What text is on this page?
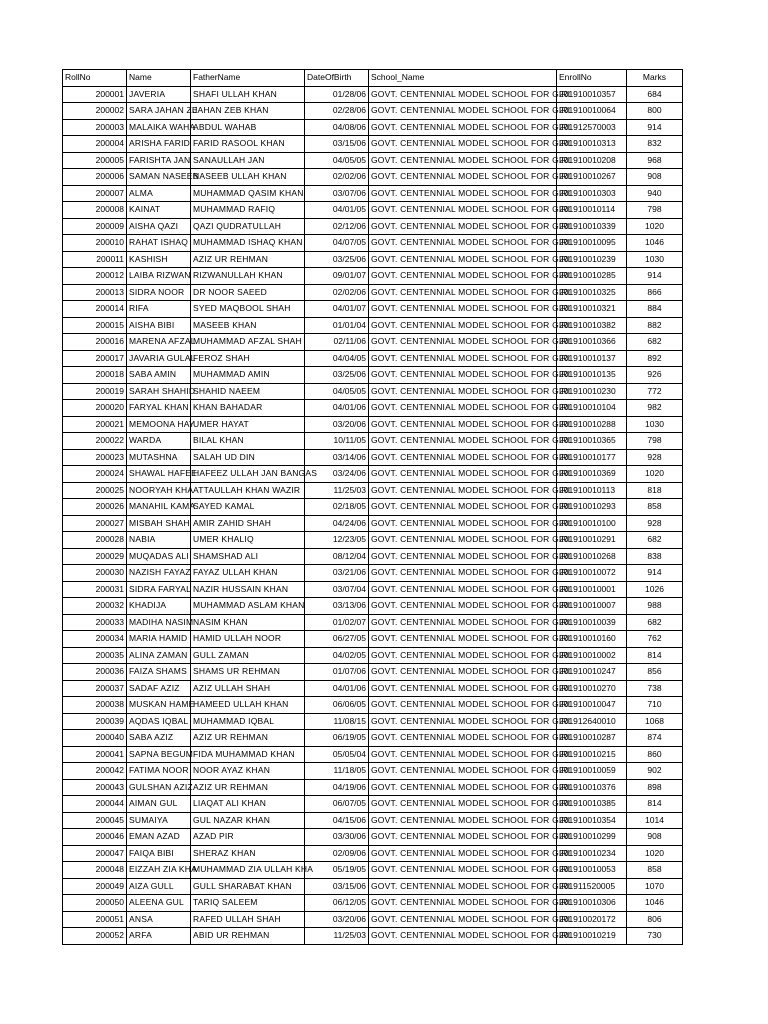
RollNo	Name	FatherName	DateOfBirth	School_Name	EnrollNo	Marks
200001	JAVERIA	SHAFI ULLAH KHAN	01/28/06	GOVT. CENTENNIAL MODEL SCHOOL FOR GIRL	201910010357	684
200002	SARA JAHAN ZE	JAHAN ZEB KHAN	02/28/06	GOVT. CENTENNIAL MODEL SCHOOL FOR GIRL	201910010064	800
200003	MALAIKA WAHA	ABDUL WAHAB	04/08/06	GOVT. CENTENNIAL MODEL SCHOOL FOR GIRL	201912570003	914
200004	ARISHA FARID	FARID RASOOL KHAN	03/15/06	GOVT. CENTENNIAL MODEL SCHOOL FOR GIRL	201910010313	832
200005	FARISHTA JAN	SANAULLAH JAN	04/05/05	GOVT. CENTENNIAL MODEL SCHOOL FOR GIRL	201910010208	968
200006	SAMAN NASEEB	NASEEB ULLAH KHAN	02/02/06	GOVT. CENTENNIAL MODEL SCHOOL FOR GIRL	201910010267	908
200007	ALMA	MUHAMMAD QASIM KHAN	03/07/06	GOVT. CENTENNIAL MODEL SCHOOL FOR GIRL	201910010303	940
200008	KAINAT	MUHAMMAD RAFIQ	04/01/05	GOVT. CENTENNIAL MODEL SCHOOL FOR GIRL	201910010114	798
200009	AISHA QAZI	QAZI QUDRATULLAH	02/12/06	GOVT. CENTENNIAL MODEL SCHOOL FOR GIRL	201910010339	1020
200010	RAHAT ISHAQ	MUHAMMAD ISHAQ KHAN	04/07/05	GOVT. CENTENNIAL MODEL SCHOOL FOR GIRL	201910010095	1046
200011	KASHISH	AZIZ UR REHMAN	03/25/06	GOVT. CENTENNIAL MODEL SCHOOL FOR GIRL	201910010239	1030
200012	LAIBA RIZWAN	RIZWANULLAH KHAN	09/01/07	GOVT. CENTENNIAL MODEL SCHOOL FOR GIRL	201910010285	914
200013	SIDRA NOOR	DR NOOR SAEED	02/02/06	GOVT. CENTENNIAL MODEL SCHOOL FOR GIRL	201910010325	866
200014	RIFA	SYED MAQBOOL SHAH	04/01/07	GOVT. CENTENNIAL MODEL SCHOOL FOR GIRL	201910010321	884
200015	AISHA BIBI	MASEEB KHAN	01/01/04	GOVT. CENTENNIAL MODEL SCHOOL FOR GIRL	201910010382	882
200016	MARENA AFZAL	MUHAMMAD AFZAL SHAH	02/11/06	GOVT. CENTENNIAL MODEL SCHOOL FOR GIRL	201910010366	682
200017	JAVARIA GULAL	FEROZ SHAH	04/04/05	GOVT. CENTENNIAL MODEL SCHOOL FOR GIRL	201910010137	892
200018	SABA AMIN	MUHAMMAD AMIN	03/25/06	GOVT. CENTENNIAL MODEL SCHOOL FOR GIRL	201910010135	926
200019	SARAH SHAHID	SHAHID NAEEM	04/05/05	GOVT. CENTENNIAL MODEL SCHOOL FOR GIRL	201910010230	772
200020	FARYAL KHAN	KHAN BAHADAR	04/01/06	GOVT. CENTENNIAL MODEL SCHOOL FOR GIRL	201910010104	982
200021	MEMOONA HAY	UMER HAYAT	03/20/06	GOVT. CENTENNIAL MODEL SCHOOL FOR GIRL	201910010288	1030
200022	WARDA	BILAL KHAN	10/11/05	GOVT. CENTENNIAL MODEL SCHOOL FOR GIRL	201910010365	798
200023	MUTASHNA	SALAH UD DIN	03/14/06	GOVT. CENTENNIAL MODEL SCHOOL FOR GIRL	201910010177	928
200024	SHAWAL HAFEE	HAFEEZ ULLAH JAN BANGAS	03/24/06	GOVT. CENTENNIAL MODEL SCHOOL FOR GIRL	201910010369	1020
200025	NOORYAH KHA	ATTAULLAH KHAN WAZIR	11/25/03	GOVT. CENTENNIAL MODEL SCHOOL FOR GIRL	201910010113	818
200026	MANAHIL KAMA	SAYED KAMAL	02/18/05	GOVT. CENTENNIAL MODEL SCHOOL FOR GIRL	201910010293	858
200027	MISBAH SHAH	AMIR ZAHID SHAH	04/24/06	GOVT. CENTENNIAL MODEL SCHOOL FOR GIRL	201910010100	928
200028	NABIA	UMER KHALIQ	12/23/05	GOVT. CENTENNIAL MODEL SCHOOL FOR GIRL	201910010291	682
200029	MUQADAS ALI	SHAMSHAD ALI	08/12/04	GOVT. CENTENNIAL MODEL SCHOOL FOR GIRL	201910010268	838
200030	NAZISH FAYAZ	FAYAZ ULLAH KHAN	03/21/06	GOVT. CENTENNIAL MODEL SCHOOL FOR GIRL	201910010072	914
200031	SIDRA FARYAL	NAZIR HUSSAIN KHAN	03/07/04	GOVT. CENTENNIAL MODEL SCHOOL FOR GIRL	201910010001	1026
200032	KHADIJA	MUHAMMAD ASLAM KHAN	03/13/06	GOVT. CENTENNIAL MODEL SCHOOL FOR GIRL	201910010007	988
200033	MADIHA NASIM	NASIM KHAN	01/02/07	GOVT. CENTENNIAL MODEL SCHOOL FOR GIRL	201910010039	682
200034	MARIA HAMID	HAMID ULLAH NOOR	06/27/05	GOVT. CENTENNIAL MODEL SCHOOL FOR GIRL	201910010160	762
200035	ALINA ZAMAN	GULL ZAMAN	04/02/05	GOVT. CENTENNIAL MODEL SCHOOL FOR GIRL	201910010002	814
200036	FAIZA SHAMS	SHAMS UR REHMAN	01/07/06	GOVT. CENTENNIAL MODEL SCHOOL FOR GIRL	201910010247	856
200037	SADAF AZIZ	AZIZ ULLAH SHAH	04/01/06	GOVT. CENTENNIAL MODEL SCHOOL FOR GIRL	201910010270	738
200038	MUSKAN HAME	HAMEED ULLAH KHAN	06/06/05	GOVT. CENTENNIAL MODEL SCHOOL FOR GIRL	201910010047	710
200039	AQDAS IQBAL	MUHAMMAD IQBAL	11/08/15	GOVT. CENTENNIAL MODEL SCHOOL FOR GIRL	201912640010	1068
200040	SABA AZIZ	AZIZ UR REHMAN	06/19/05	GOVT. CENTENNIAL MODEL SCHOOL FOR GIRL	201910010287	874
200041	SAPNA BEGUM	FIDA MUHAMMAD KHAN	05/05/04	GOVT. CENTENNIAL MODEL SCHOOL FOR GIRL	201910010215	860
200042	FATIMA NOOR	NOOR AYAZ KHAN	11/18/05	GOVT. CENTENNIAL MODEL SCHOOL FOR GIRL	201910010059	902
200043	GULSHAN AZIZ	AZIZ UR REHMAN	04/19/06	GOVT. CENTENNIAL MODEL SCHOOL FOR GIRL	201910010376	898
200044	AIMAN GUL	LIAQAT ALI KHAN	06/07/05	GOVT. CENTENNIAL MODEL SCHOOL FOR GIRL	201910010385	814
200045	SUMAIYA	GUL NAZAR KHAN	04/15/06	GOVT. CENTENNIAL MODEL SCHOOL FOR GIRL	201910010354	1014
200046	EMAN AZAD	AZAD PIR	03/30/06	GOVT. CENTENNIAL MODEL SCHOOL FOR GIRL	201910010299	908
200047	FAIQA BIBI	SHERAZ KHAN	02/09/06	GOVT. CENTENNIAL MODEL SCHOOL FOR GIRL	201910010234	1020
200048	EIZZAH ZIA KHA	MUHAMMAD ZIA ULLAH KHA	05/19/05	GOVT. CENTENNIAL MODEL SCHOOL FOR GIRL	201910010053	858
200049	AIZA GULL	GULL SHARABAT KHAN	03/15/06	GOVT. CENTENNIAL MODEL SCHOOL FOR GIRL	201911520005	1070
200050	ALEENA GUL	TARIQ SALEEM	06/12/05	GOVT. CENTENNIAL MODEL SCHOOL FOR GIRL	201910010306	1046
200051	ANSA	RAFED ULLAH SHAH	03/20/06	GOVT. CENTENNIAL MODEL SCHOOL FOR GIRL	201910020172	806
200052	ARFA	ABID UR REHMAN	11/25/03	GOVT. CENTENNIAL MODEL SCHOOL FOR GIRL	201910010219	730
